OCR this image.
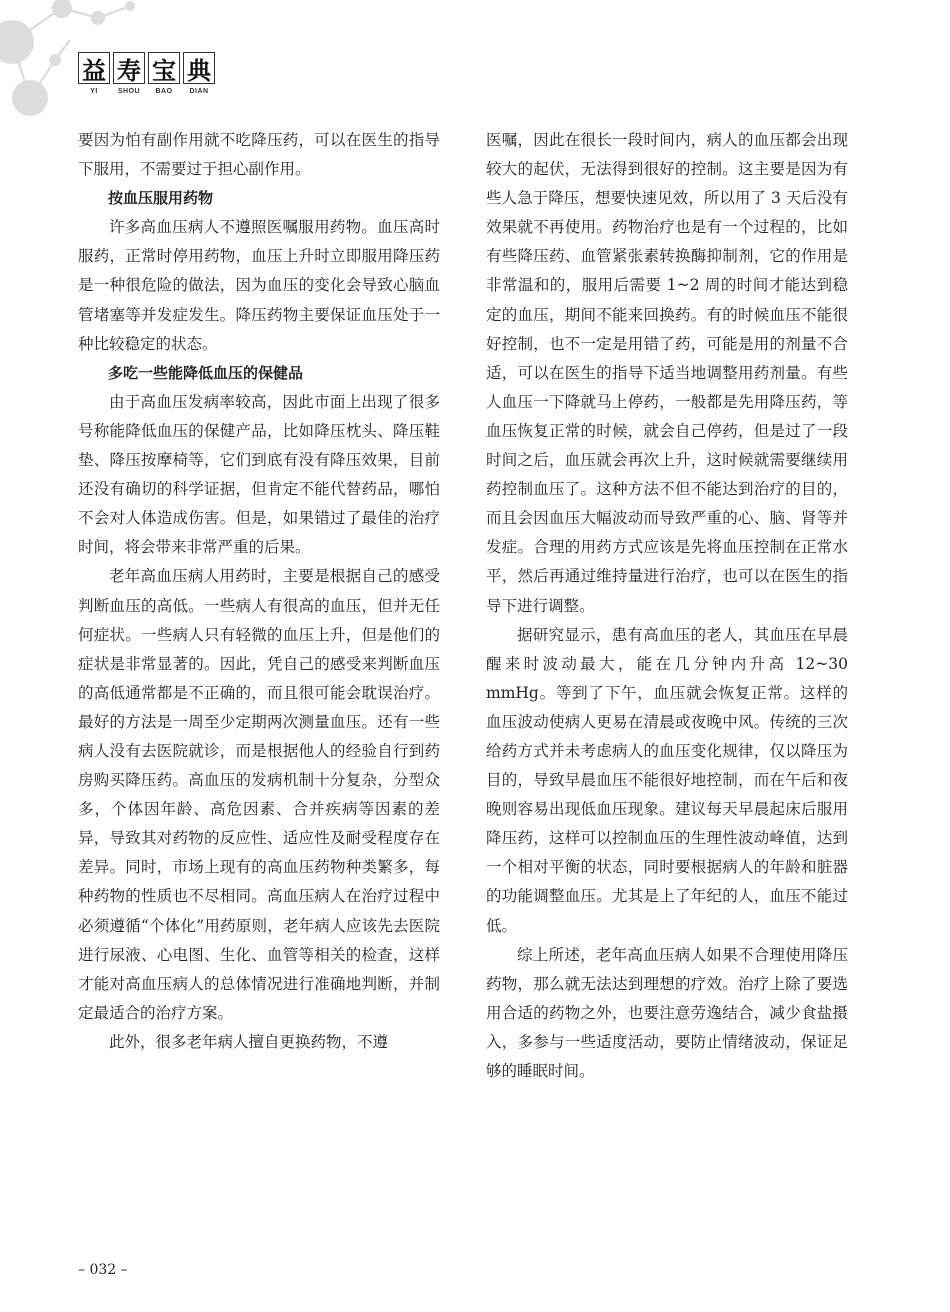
益 寿 宝 典
YI	SHOU	BAO	DIAN

要因为怕有副作用就不吃降压药，可以在医生的指导下服用，不需要过于担心副作用。

按血压服用药物

许多高血压病人不遵照医嘱服用药物。血压高时服药，正常时停用药物，血压上升时立即服用降压药是一种很危险的做法，因为血压的变化会导致心脑血管堵塞等并发症发生。降压药物主要保证血压处于一种比较稳定的状态。

多吃一些能降低血压的保健品

由于高血压发病率较高，因此市面上出现了很多号称能降低血压的保健产品，比如降压枕头、降压鞋垫、降压按摩椅等，它们到底有没有降压效果，目前还没有确切的科学证据，但肯定不能代替药品，哪怕不会对人体造成伤害。但是，如果错过了最佳的治疗时间，将会带来非常严重的后果。

老年高血压病人用药时，主要是根据自己的感受判断血压的高低。一些病人有很高的血压，但并无任何症状。一些病人只有轻微的血压上升，但是他们的症状是非常显著的。因此，凭自己的感受来判断血压的高低通常都是不正确的，而且很可能会耽误治疗。最好的方法是一周至少定期两次测量血压。还有一些病人没有去医院就诊，而是根据他人的经验自行到药房购买降压药。高血压的发病机制十分复杂，分型众多，个体因年龄、高危因素、合并疾病等因素的差异，导致其对药物的反应性、适应性及耐受程度存在差异。同时，市场上现有的高血压药物种类繁多，每种药物的性质也不尽相同。高血压病人在治疗过程中必须遵循“个体化”用药原则，老年病人应该先去医院进行尿液、心电图、生化、血管等相关的检查，这样才能对高血压病人的总体情况进行准确地判断，并制定最适合的治疗方案。

此外，很多老年病人擅自更换药物，不遵

医嘱，因此在很长一段时间内，病人的血压都会出现较大的起伏，无法得到很好的控制。这主要是因为有些人急于降压，想要快速见效，所以用了 3 天后没有效果就不再使用。药物治疗也是有一个过程的，比如有些降压药、血管紧张素转换酶抑制剂，它的作用是非常温和的，服用后需要 1~2 周的时间才能达到稳定的血压，期间不能来回换药。有的时候血压不能很好控制，也不一定是用错了药，可能是用的剂量不合适，可以在医生的指导下适当地调整用药剂量。有些人血压一下降就马上停药，一般都是先用降压药，等血压恢复正常的时候，就会自己停药，但是过了一段时间之后，血压就会再次上升，这时候就需要继续用药控制血压了。这种方法不但不能达到治疗的目的，而且会因血压大幅波动而导致严重的心、脑、肾等并发症。合理的用药方式应该是先将血压控制在正常水平，然后再通过维持量进行治疗，也可以在医生的指导下进行调整。

据研究显示，患有高血压的老人，其血压在早晨醒来时波动最大，能在几分钟内升高 12~30 mmHg。等到了下午，血压就会恢复正常。这样的血压波动使病人更易在清晨或夜晚中风。传统的三次给药方式并未考虑病人的血压变化规律，仅以降压为目的，导致早晨血压不能很好地控制，而在午后和夜晚则容易出现低血压现象。建议每天早晨起床后服用降压药，这样可以控制血压的生理性波动峰值，达到一个相对平衡的状态，同时要根据病人的年龄和脏器的功能调整血压。尤其是上了年纪的人，血压不能过低。

综上所述，老年高血压病人如果不合理使用降压药物，那么就无法达到理想的疗效。治疗上除了要选用合适的药物之外，也要注意劳逸结合，减少食盐摄入，多参与一些适度活动，要防止情绪波动，保证足够的睡眠时间。

– 032 –
